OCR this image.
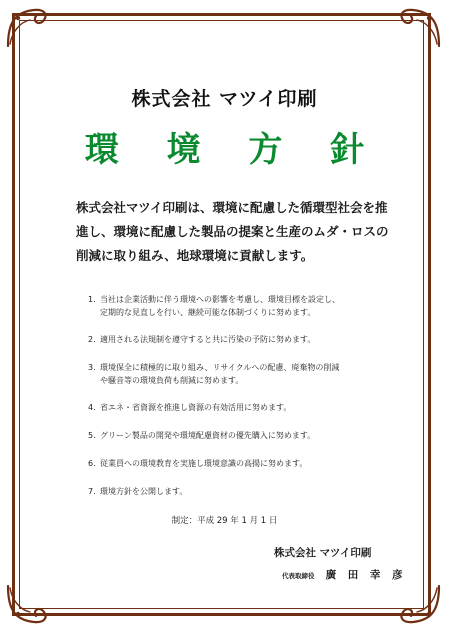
株式会社 マツイ印刷
環 境 方 針
株式会社マツイ印刷は、環境に配慮した循環型社会を推
進し、環境に配慮した製品の提案と生産のムダ・ロスの
削減に取り組み、地球環境に貢献します。
1. 当社は企業活動に伴う環境への影響を考慮し、環境目標を設定し、
定期的な見直しを行い、継続可能な体制づくりに努めます。
2. 適用される法規制を遵守すると共に汚染の予防に努めます。
3. 環境保全に積極的に取り組み、リサイクルへの配慮、廃棄物の削減
や騒音等の環境負荷も削減に努めます。
4. 省エネ・省資源を推進し資源の有効活用に努めます。
5. グリーン製品の開発や環境配慮資材の優先購入に努めます。
6. 従業員への環境教育を実施し環境意識の高揚に努めます。
7. 環境方針を公開します。
制定：平成 29 年 1 月 1 日
株式会社 マツイ印刷
代表取締役 廣 田 幸 彦
